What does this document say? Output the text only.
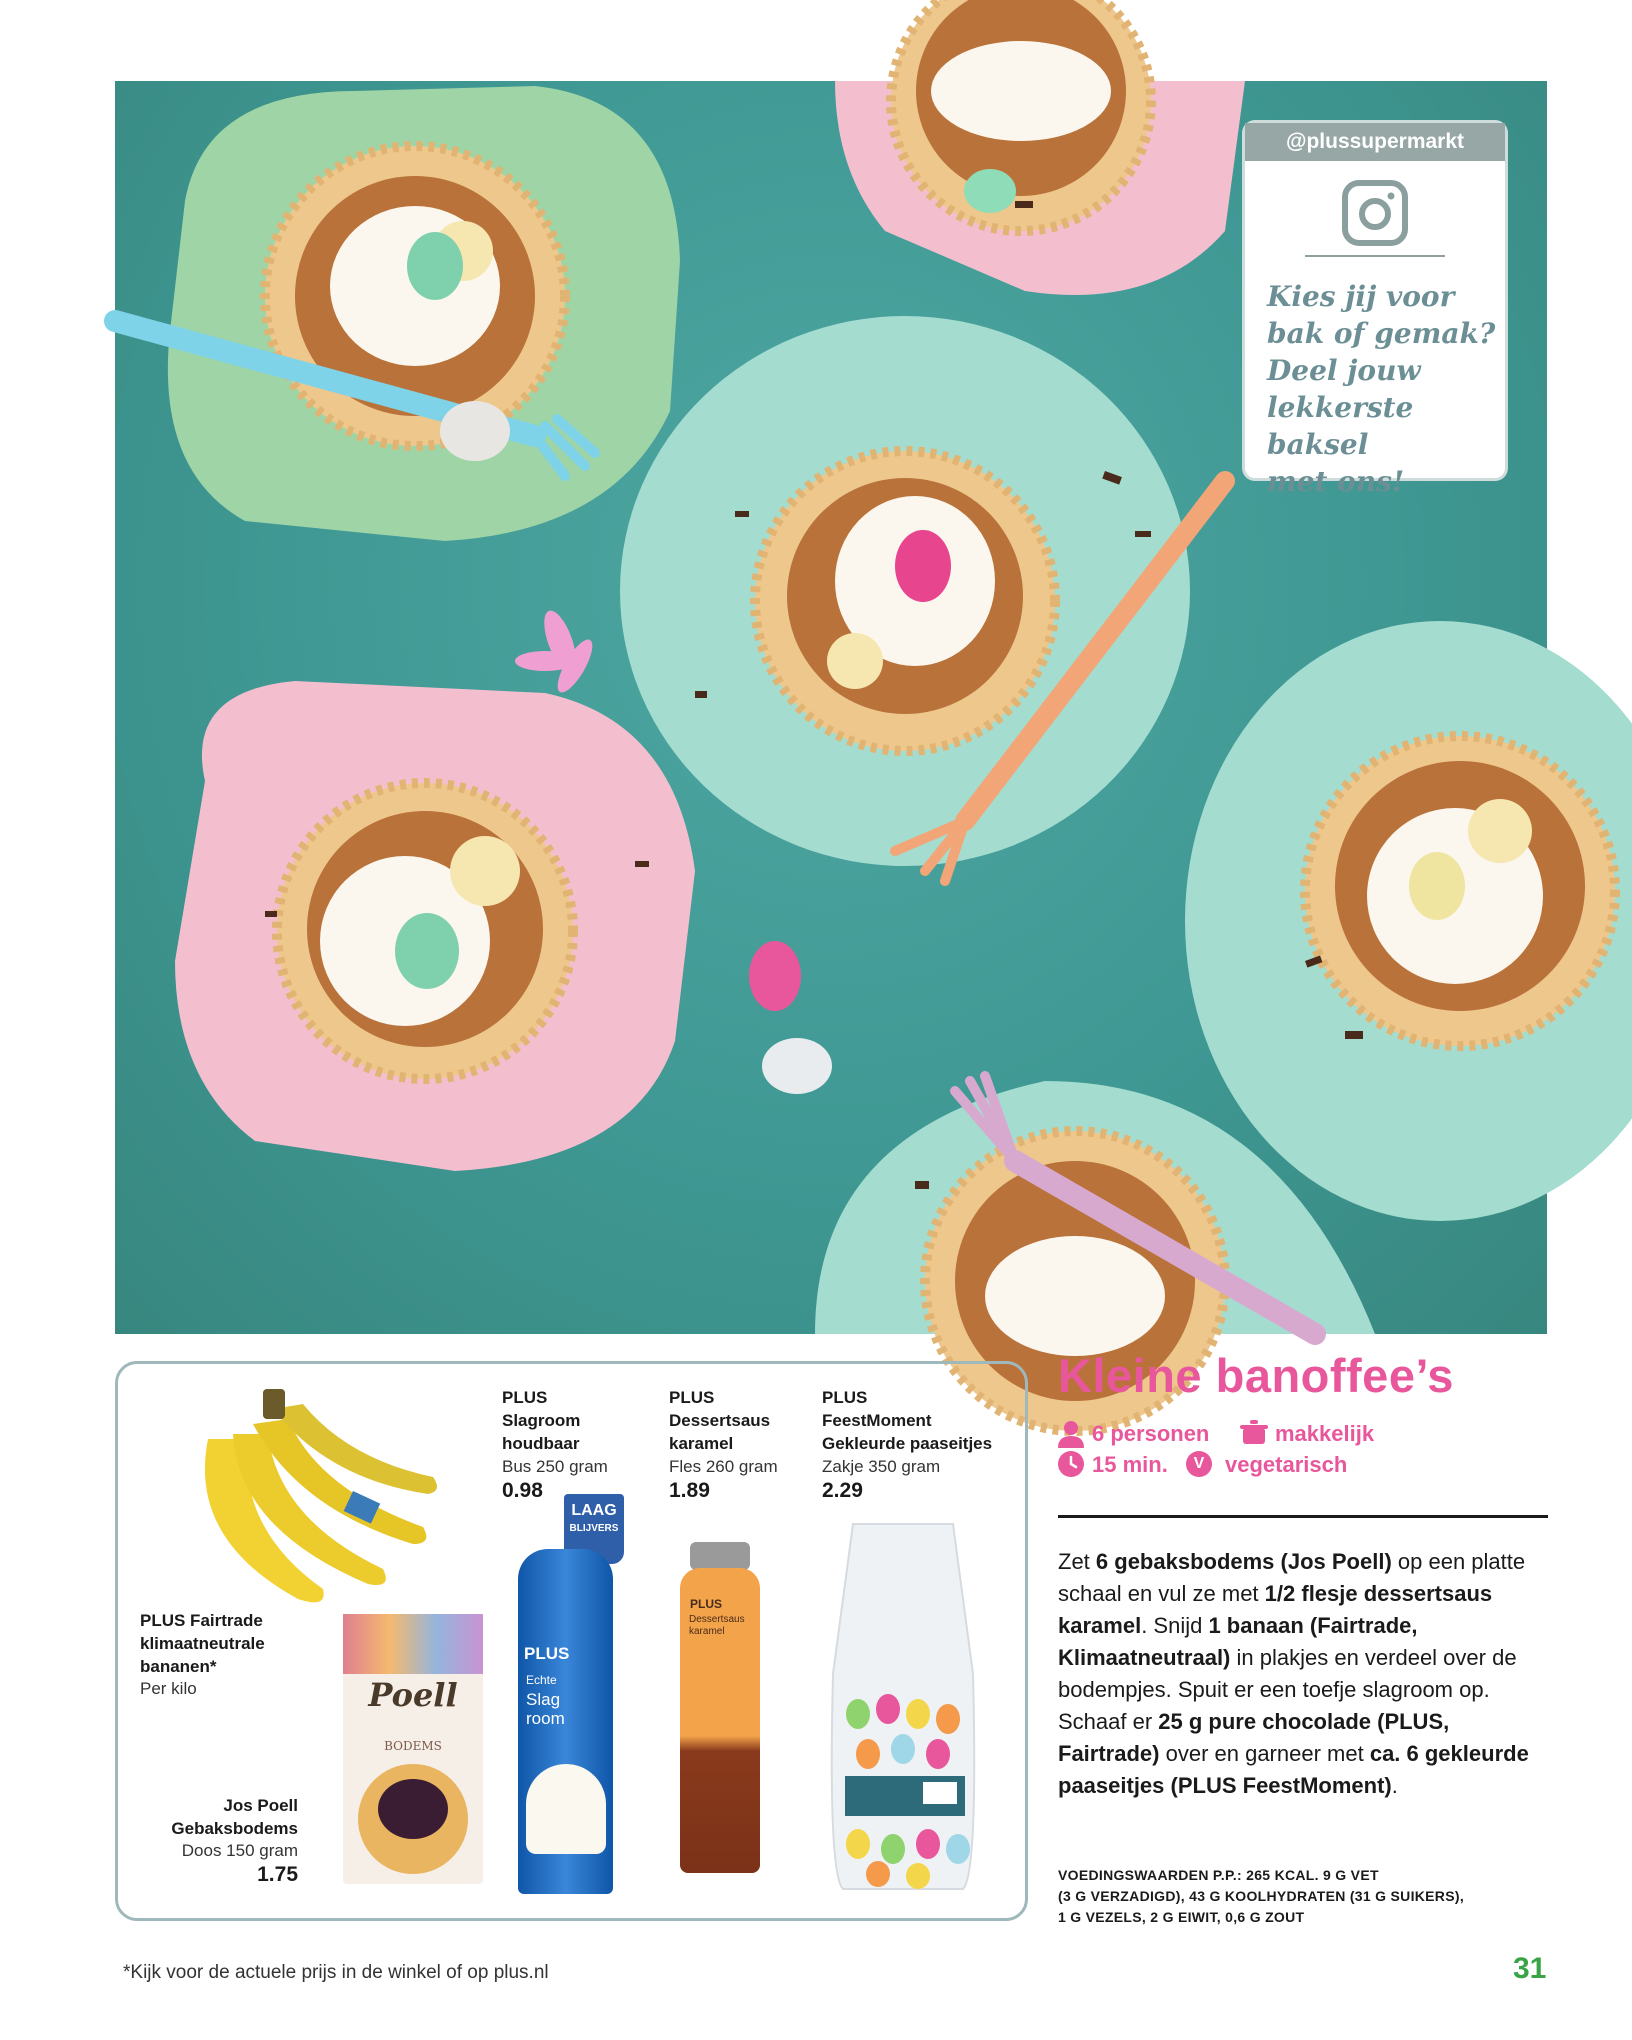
@plussupermarkt
Kies jij voor
bak of gemak?
Deel jouw
lekkerste baksel
met ons!
PLUS Fairtrade
klimaatneutrale
bananen*
Per kilo	Poell
BODEMS
Jos Poell
Gebaksbodems
Doos 150 gram
1.75
PLUS
Slagroom
houdbaar
Bus 250 gram
0.98
LAAG
BLIJVERS
PLUS
Echte
Slag
room
PLUS
Dessertsaus
karamel
Fles 260 gram
1.89
PLUS
Dessertsaus
karamel
PLUS
FeestMoment
Gekleurde paaseitjes
Zakje 350 gram
2.29
Kleine banoffee’s
6 personen	makkelijk
15 min.	V vegetarisch
Zet 6 gebaksbodems (Jos Poell) op een platte schaal en vul ze met 1/2 flesje dessertsaus karamel. Snijd 1 banaan (Fairtrade, Klimaatneutraal) in plakjes en verdeel over de bodempjes. Spuit er een toefje slagroom op. Schaaf er 25 g pure chocolade (PLUS, Fairtrade) over en garneer met ca. 6 gekleurde paaseitjes (PLUS FeestMoment).
VOEDINGSWAARDEN P.P.: 265 KCAL. 9 G VET
(3 G VERZADIGD), 43 G KOOLHYDRATEN (31 G SUIKERS),
1 G VEZELS, 2 G EIWIT, 0,6 G ZOUT
*Kijk voor de actuele prijs in de winkel of op plus.nl	31
